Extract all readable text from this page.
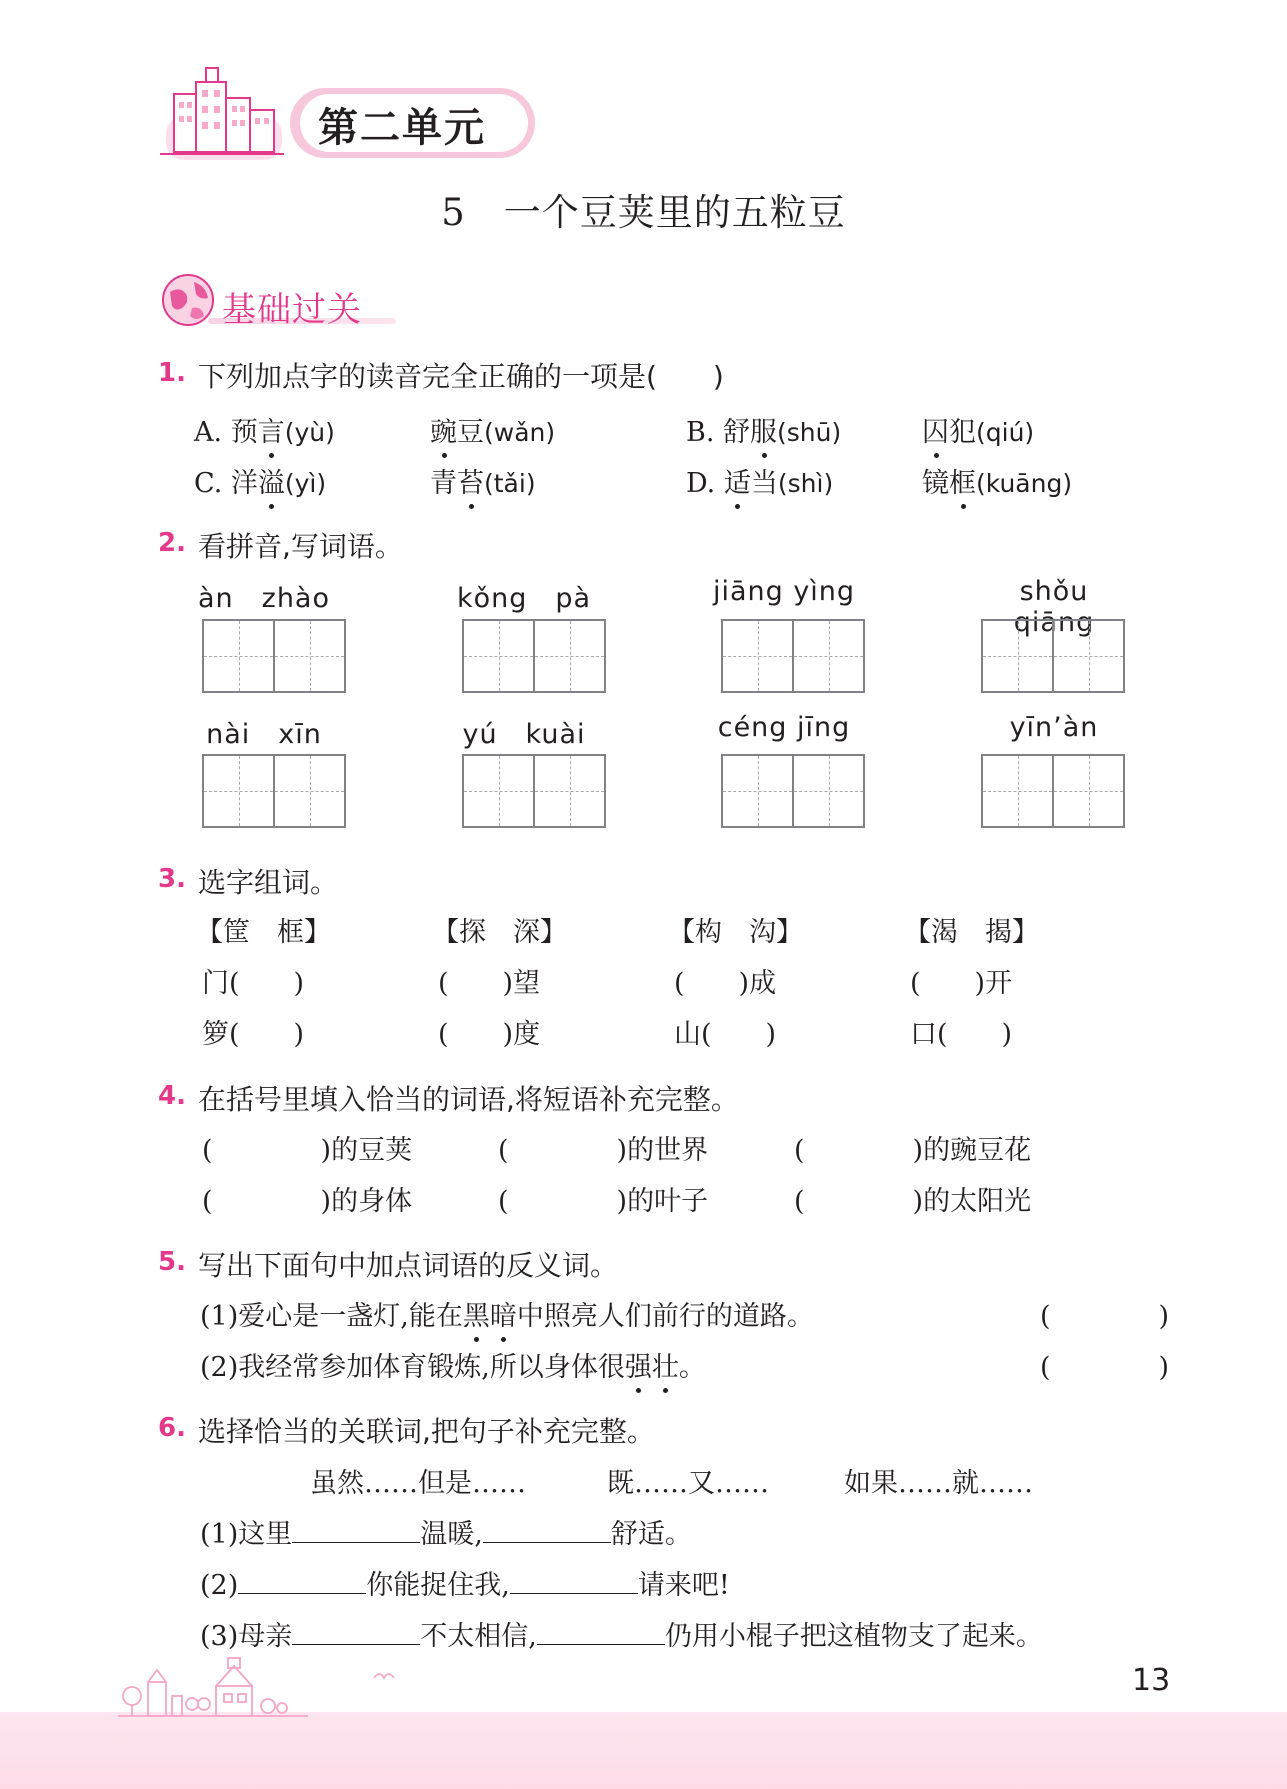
第二单元
5　一个豆荚里的五粒豆
基础过关
1. 下列加点字的读音完全正确的一项是(　　)
A. 预言(yù)	豌豆(wǎn)	B. 舒服(shū)	囚犯(qiú)
C. 洋溢(yì)	青苔(tǎi)	D. 适当(shì)	镜框(kuāng)
2. 看拼音,写词语。
àn　zhào	kǒng　pà	jiāng yìng	shǒu qiāng
nài　xīn	yú　kuài	céng jīng	yīn’àn
3. 选字组词。
【筐　框】	【探　深】	【构　沟】	【渴　揭】
门(　　)	(　　)望	(　　)成	(　　)开
箩(　　)	(　　)度	山(　　)	口(　　)
4. 在括号里填入恰当的词语,将短语补充完整。
(　　　　)的豆荚	(　　　　)的世界	(　　　　)的豌豆花
(　　　　)的身体	(　　　　)的叶子	(　　　　)的太阳光
5. 写出下面句中加点词语的反义词。
(1)爱心是一盏灯,能在黑暗中照亮人们前行的道路。	(　　　　)
(2)我经常参加体育锻炼,所以身体很强壮。	(　　　　)
6. 选择恰当的关联词,把句子补充完整。
虽然……但是……	既……又……	如果……就……
(1)这里	温暖,	舒适。
(2)	你能捉住我,	请来吧!
(3)母亲	不太相信,	仍用小棍子把这植物支了起来。
13
